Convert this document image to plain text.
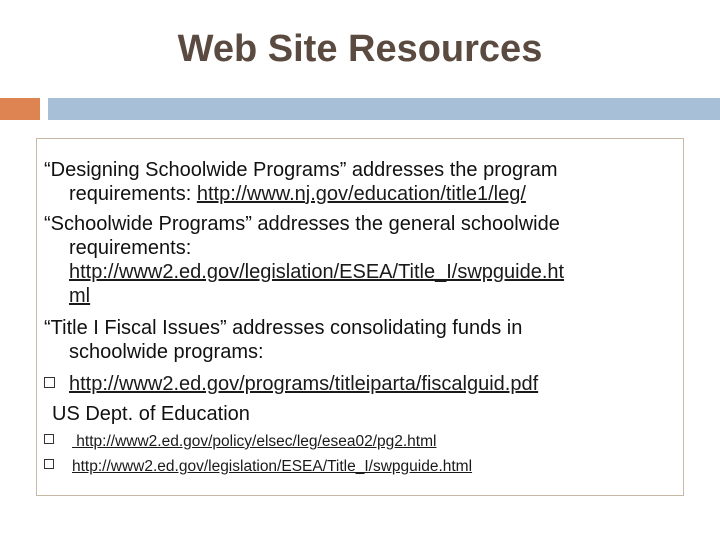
Web Site Resources
“Designing Schoolwide Programs” addresses the program
requirements: http://www.nj.gov/education/title1/leg/
“Schoolwide Programs” addresses the general schoolwide
requirements:
http://www2.ed.gov/legislation/ESEA/Title_I/swpguide.ht
ml
“Title I Fiscal Issues” addresses consolidating funds in
schoolwide programs:
http://www2.ed.gov/programs/titleiparta/fiscalguid.pdf
US Dept. of Education
http://www2.ed.gov/policy/elsec/leg/esea02/pg2.html
http://www2.ed.gov/legislation/ESEA/Title_I/swpguide.html
